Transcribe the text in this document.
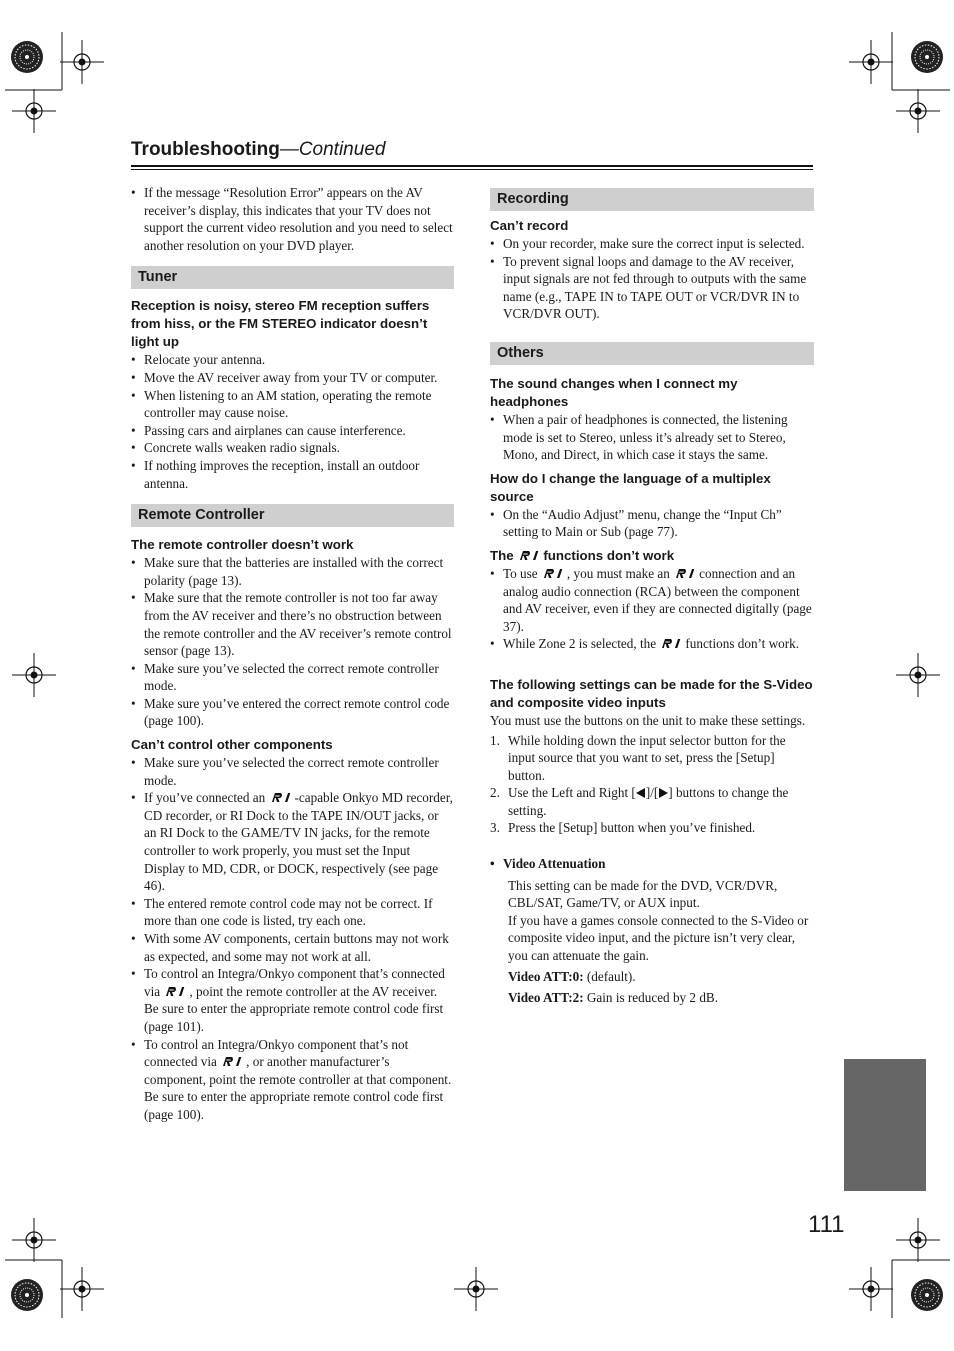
Troubleshooting—Continued
• If the message “Resolution Error” appears on the AV receiver’s display, this indicates that your TV does not support the current video resolution and you need to select another resolution on your DVD player.
Tuner
Reception is noisy, stereo FM reception suffers from hiss, or the FM STEREO indicator doesn’t light up
• Relocate your antenna.
• Move the AV receiver away from your TV or computer.
• When listening to an AM station, operating the remote controller may cause noise.
• Passing cars and airplanes can cause interference.
• Concrete walls weaken radio signals.
• If nothing improves the reception, install an outdoor antenna.
Remote Controller
The remote controller doesn’t work
• Make sure that the batteries are installed with the correct polarity (page 13).
• Make sure that the remote controller is not too far away from the AV receiver and there’s no obstruction between the remote controller and the AV receiver’s remote control sensor (page 13).
• Make sure you’ve selected the correct remote controller mode.
• Make sure you’ve entered the correct remote control code (page 100).
Can’t control other components
• Make sure you’ve selected the correct remote controller mode.
• If you’ve connected an -capable Onkyo MD recorder, CD recorder, or RI Dock to the TAPE IN/OUT jacks, or an RI Dock to the GAME/TV IN jacks, for the remote controller to work properly, you must set the Input Display to MD, CDR, or DOCK, respectively (see page 46).
• The entered remote control code may not be correct. If more than one code is listed, try each one.
• With some AV components, certain buttons may not work as expected, and some may not work at all.
• To control an Integra/Onkyo component that’s connected via , point the remote controller at the AV receiver. Be sure to enter the appropriate remote control code first (page 101).
• To control an Integra/Onkyo component that’s not connected via , or another manufacturer’s component, point the remote controller at that component. Be sure to enter the appropriate remote control code first (page 100).
Recording
Can’t record
• On your recorder, make sure the correct input is selected.
• To prevent signal loops and damage to the AV receiver, input signals are not fed through to outputs with the same name (e.g., TAPE IN to TAPE OUT or VCR/DVR IN to VCR/DVR OUT).
Others
The sound changes when I connect my headphones
• When a pair of headphones is connected, the listening mode is set to Stereo, unless it’s already set to Stereo, Mono, and Direct, in which case it stays the same.
How do I change the language of a multiplex source
• On the “Audio Adjust” menu, change the “Input Ch” setting to Main or Sub (page 77).
The functions don’t work
• To use , you must make an connection and an analog audio connection (RCA) between the component and AV receiver, even if they are connected digitally (page 37).
• While Zone 2 is selected, the functions don’t work.
The following settings can be made for the S-Video and composite video inputs

You must use the buttons on the unit to make these settings.

1. While holding down the input selector button for the input source that you want to set, press the [Setup] button.
2. Use the Left and Right [ ]/[ ] buttons to change the setting.
3. Press the [Setup] button when you’ve finished.
• Video Attenuation

This setting can be made for the DVD, VCR/DVR, CBL/SAT, Game/TV, or AUX input.

If you have a games console connected to the S-Video or composite video input, and the picture isn’t very clear, you can attenuate the gain.

Video ATT:0: (default).

Video ATT:2: Gain is reduced by 2 dB.

111
